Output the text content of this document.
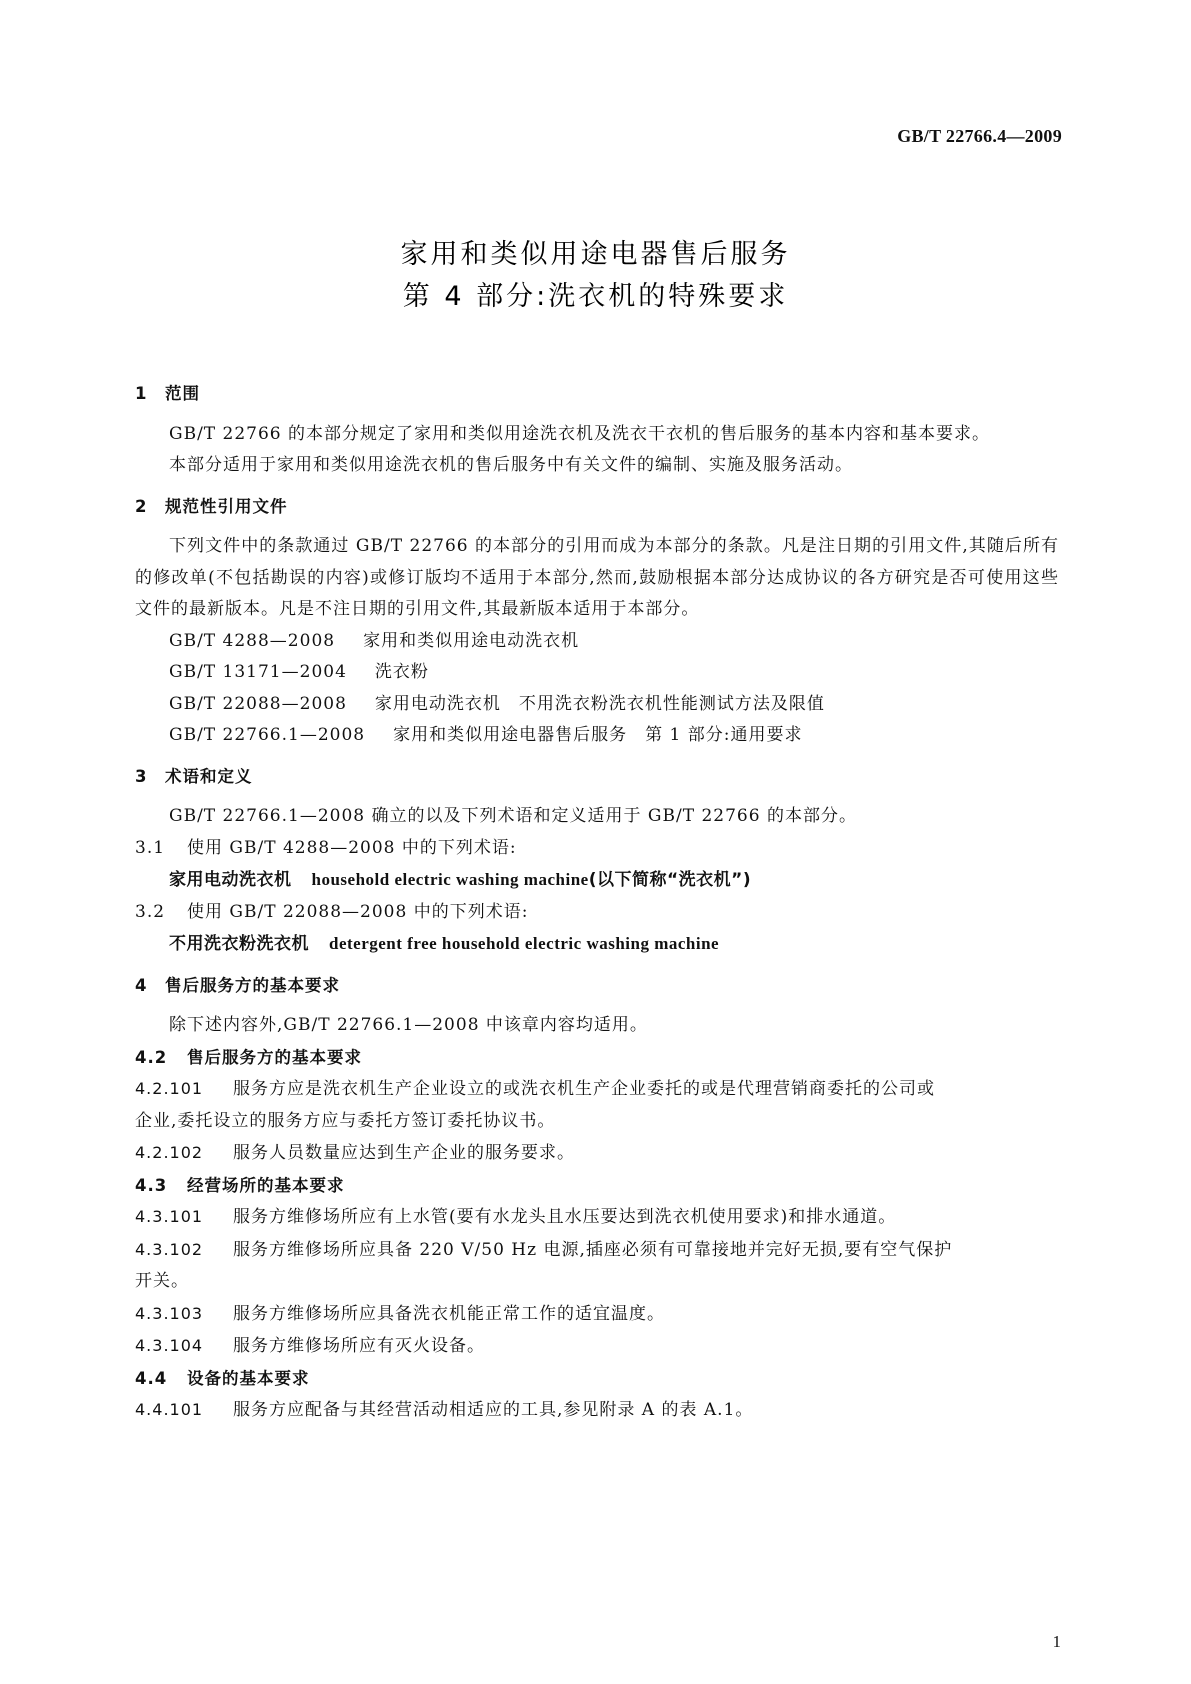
GB/T 22766.4—2009
家用和类似用途电器售后服务
第 4 部分:洗衣机的特殊要求
1 范围
GB/T 22766 的本部分规定了家用和类似用途洗衣机及洗衣干衣机的售后服务的基本内容和基本要求。
本部分适用于家用和类似用途洗衣机的售后服务中有关文件的编制、实施及服务活动。
2 规范性引用文件
下列文件中的条款通过 GB/T 22766 的本部分的引用而成为本部分的条款。凡是注日期的引用文件,其随后所有的修改单(不包括勘误的内容)或修订版均不适用于本部分,然而,鼓励根据本部分达成协议的各方研究是否可使用这些文件的最新版本。凡是不注日期的引用文件,其最新版本适用于本部分。
GB/T 4288—2008 家用和类似用途电动洗衣机
GB/T 13171—2004 洗衣粉
GB/T 22088—2008 家用电动洗衣机　不用洗衣粉洗衣机性能测试方法及限值
GB/T 22766.1—2008 家用和类似用途电器售后服务　第 1 部分:通用要求
3 术语和定义
GB/T 22766.1—2008 确立的以及下列术语和定义适用于 GB/T 22766 的本部分。
3.1 使用 GB/T 4288—2008 中的下列术语:
家用电动洗衣机 household electric washing machine(以下简称“洗衣机”)
3.2 使用 GB/T 22088—2008 中的下列术语:
不用洗衣粉洗衣机 detergent free household electric washing machine
4 售后服务方的基本要求
除下述内容外,GB/T 22766.1—2008 中该章内容均适用。
4.2 售后服务方的基本要求
4.2.101 服务方应是洗衣机生产企业设立的或洗衣机生产企业委托的或是代理营销商委托的公司或
企业,委托设立的服务方应与委托方签订委托协议书。
4.2.102 服务人员数量应达到生产企业的服务要求。
4.3 经营场所的基本要求
4.3.101 服务方维修场所应有上水管(要有水龙头且水压要达到洗衣机使用要求)和排水通道。
4.3.102 服务方维修场所应具备 220 V/50 Hz 电源,插座必须有可靠接地并完好无损,要有空气保护
开关。
4.3.103 服务方维修场所应具备洗衣机能正常工作的适宜温度。
4.3.104 服务方维修场所应有灭火设备。
4.4 设备的基本要求
4.4.101 服务方应配备与其经营活动相适应的工具,参见附录 A 的表 A.1。
1
